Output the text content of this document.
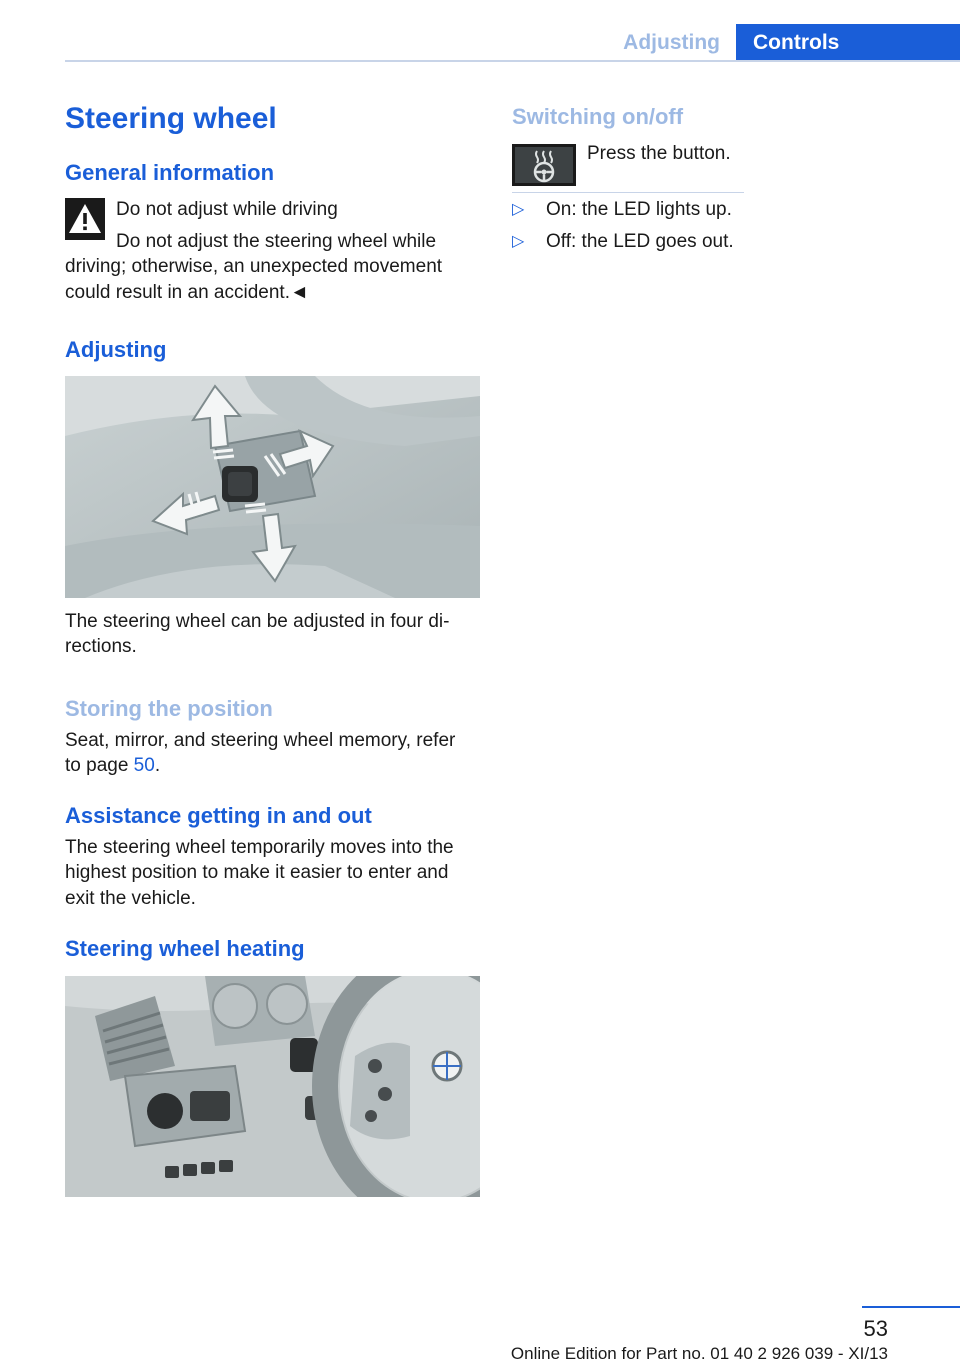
Adjusting	Controls
Steering wheel
General information
Do not adjust while driving
Do not adjust the steering wheel while
driving; otherwise, an unexpected movement
could result in an accident.◄
Adjusting
The steering wheel can be adjusted in four di‐
rections.
Storing the position
Seat, mirror, and steering wheel memory, refer
to page 50.
Assistance getting in and out
The steering wheel temporarily moves into the
highest position to make it easier to enter and
exit the vehicle.
Steering wheel heating
Switching on/off
Press the button.
▷ On: the LED lights up.
▷ Off: the LED goes out.
53
Online Edition for Part no. 01 40 2 926 039 - XI/13
